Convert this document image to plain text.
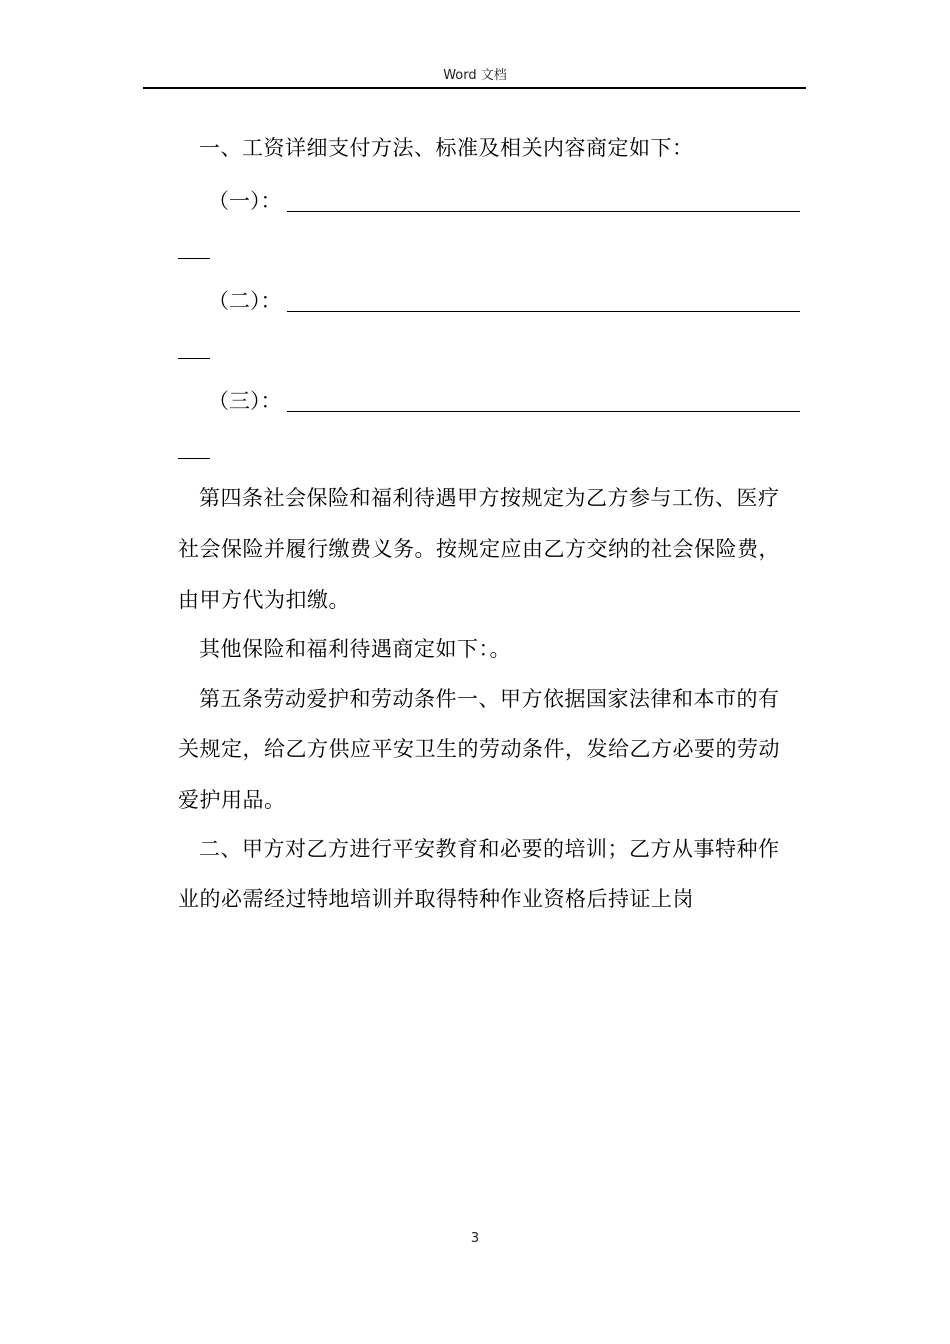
Word 文档
一、工资详细支付方法、标准及相关内容商定如下：
（一）：
（二）：
（三）：
第四条社会保险和福利待遇甲方按规定为乙方参与工伤、医疗
社会保险并履行缴费义务。按规定应由乙方交纳的社会保险费，
由甲方代为扣缴。
其他保险和福利待遇商定如下：。
第五条劳动爱护和劳动条件一、甲方依据国家法律和本市的有
关规定，给乙方供应平安卫生的劳动条件，发给乙方必要的劳动
爱护用品。
二、甲方对乙方进行平安教育和必要的培训；乙方从事特种作
业的必需经过特地培训并取得特种作业资格后持证上岗
3
